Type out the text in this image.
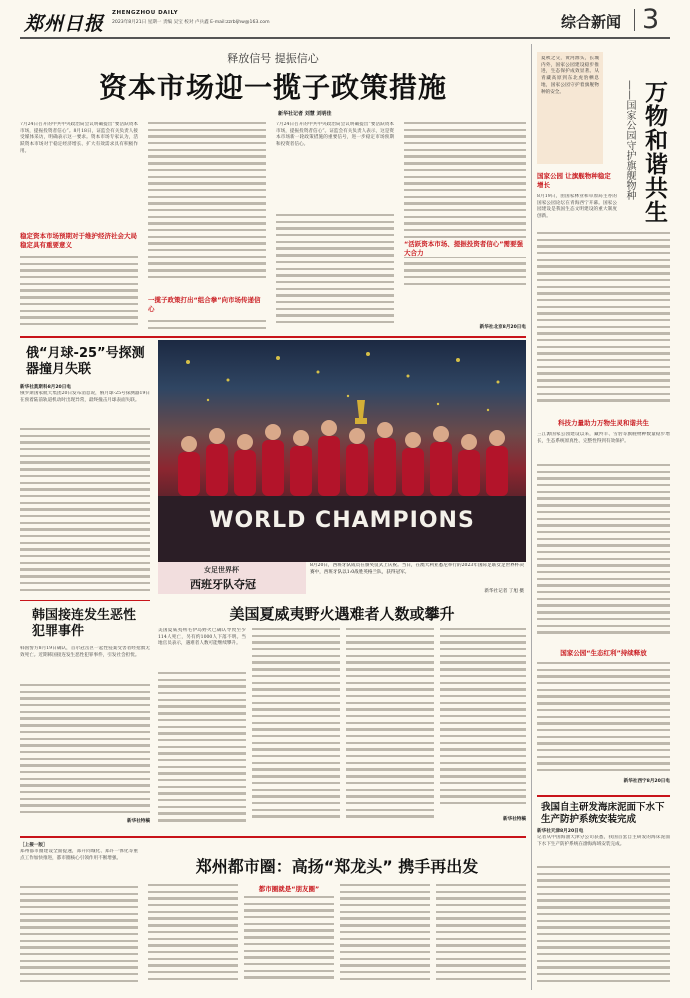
郑州日报 ZHENGZHOU DAILY
2023年8月21日 星期一 责编 吴宝 校对 卢兵鑫 E-mail:zzrbljhw@163.com	综合新闻 3
释放信号 提振信心
资本市场迎一揽子政策措施
新华社记者 刘慧 刘明佳
7月24日召开的中共中央政治局会议明确提出“要活跃资本市场，提振投资者信心”。8月18日，证监会有关负责人接受媒体采访，明确表示这一要求。资本市场专家认为，活跃资本市场对于稳定经济增长、扩大有效需求具有积极作用。
稳定资本市场预期对于维护经济社会大局稳定具有重要意义
一揽子政策打出“组合拳”向市场传递信心
7月24日召开的中共中央政治局会议明确提出“要活跃资本市场，提振投资者信心”。证监会有关负责人表示，这是资本市场新一轮政策措施的重要信号，进一步稳定市场预期和投资者信心。
“活跃资本市场、提振投资者信心”需要强大合力
新华社北京8月20日电
俄“月球-25”号探测器撞月失联
新华社莫斯科8月20日电
俄罗斯国家航天集团20日发布消息说，俄月球-25号探测器19日在预着陆前轨道机动时出现异常，最终撞击月球表面失联。
韩国接连发生恶性犯罪事件
韩国警方8月19日确认，首尔冠岳区一起性侵案受害者经抢救无效死亡。近期韩国接连发生恶性犯罪事件，引发社会担忧。
新华社特稿
WORLD CHAMPIONS
女足世界杯
西班牙队夺冠
8月20日，西班牙队成员在颁奖仪式上庆祝。当日，在澳大利亚悉尼举行的2023年国际足联女足世界杯决赛中，西班牙队以1:0战胜英格兰队，获得冠军。
新华社记者 丁旭 摄
美国夏威夷野火遇难者人数或攀升
美国夏威夷州毛伊岛野火已确认导致至少114人死亡，另有约1000人下落不明。当地官员表示，遇难者人数可能继续攀升。
新华社特稿
［上接一版］
郑州都市圈建设全面提速，郑开同城化、郑许一体化等重点工作加快推进，都市圈核心引领作用不断增强。	郑州都市圈：高扬“郑龙头” 携手再出发
都市圈就是“朋友圈”
夏秋之交，黄河源头，长城内外，国家公园建设稳步推进，生态保护成效显著。从青藏高原到东北虎豹栖息地，国家公园守护着旗舰物种的安全。	万物和谐共生
——国家公园守护旗舰物种
国家公园 让旗舰物种稳定增长
8月19日，由国家林业和草原局主办的国家公园论坛在青海西宁开幕。国家公园建设是我国生态文明建设的重大制度创新。
科技力量助力万物生灵和谐共生
三江源国家公园建设以来，藏羚羊、雪豹等旗舰物种数量稳步增长，生态系统原真性、完整性得到有效保护。
国家公园“生态红利”持续释放
新华社西宁8月20日电
我国自主研发海床泥面下水下生产防护系统安装完成
新华社天津8月20日电
记者从中国海油天津分公司获悉，我国首套自主研发的海床泥面下水下生产防护系统在渤海海域安装完成。
